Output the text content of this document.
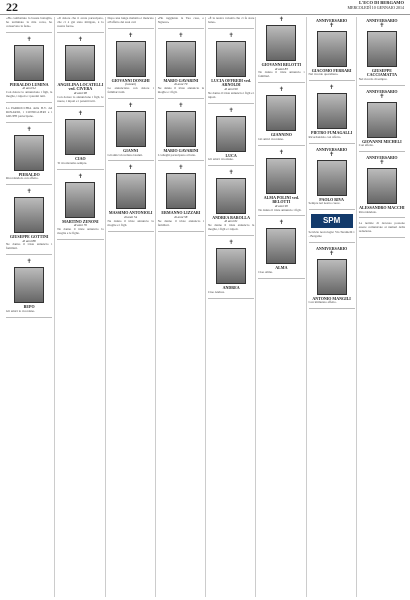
22	L'ECO DI BERGAMO
MERCOLEDÌ 10 GENNAIO 2014
«Ho combattuto la buona battaglia, ho terminato la mia corsa, ho conservato la fede»
✝
PIERALDO LUMINA
di anni 94
Con dolore lo annunciano i figli, la moglie, i nipoti e i parenti tutti.
La PARROCCHIA della B.V. del ROSARIO, i CONSIGLIERI e i GRUPPI partecipano.
✝
PIERALDO
Ricordandolo con affetto.
✝
GIUSEPPE GOTTINI
di anni 88
Ne danno il triste annuncio i familiari.
✝
BEPO
Gli amici lo ricordano.
«Il dolore che ti avete partecipato, che ci è già stato mitigato, è la nostra forza»
✝
ANGELINA LOCATELLI ved. CIVERA
di anni 98
Con dolore lo annunciano i figli, le nuore, i nipoti e i parenti tutti.
✝
CIAO
Ti ricorderemo sempre.
✝
MARTINO ZENONI
di anni 76
Ne danno il triste annuncio la moglie e le figlie.
Dopo una lunga malattia è mancato all'affetto dei suoi cari
✝
GIOVANNI DONGHI
(Gianni)
Lo annunciano con dolore i familiari tutti.
✝
GIANNI
Gli amici ricordano Gianni.
✝
MASSIMO ANTONIOLI
di anni 54
Ne danno il triste annuncio la moglie e i figli.
«Ho raggiunto la Tua casa, o Signore»
✝
MARIO GAVARINI
di anni 79
Ne danno il triste annuncio la moglie e i figli.
✝
MARIO GAVARINI
I colleghi partecipano al lutto.
✝
ERMANNO LIZZARI
di anni 58
Ne danno il triste annuncio i familiari.
«È la nostra volontà che ci fa stare bene»
✝
LUCIA OFFREDI ved. ARNOLDI
di anni 90
Ne danno il triste annuncio i figli e i nipoti.
✝
LUCA
Gli amici ricordano.
✝
ANDREA BAROLLA
di anni 61
Ne danno il triste annuncio la moglie, i figli e i nipoti.
✝
ANDREA
Ciao Andrea.
✝
GIOVANNI BELOTTI
di anni 83
Ne danno il triste annuncio i familiari.
✝
GIANNINO
Gli amici ricordano.
✝
ALMA POLINI ved. BELOTTI
di anni 90
Ne danno il triste annuncio i figli.
✝
ALMA
Ciao Alma.
ANNIVERSARIO
✝
GIACOMO FERRARI
Nel ricordo quotidiano.
✝
PIETRO FUMAGALLI
Ricordandolo con affetto.
ANNIVERSARIO
✝
PAOLO RIVA
Sempre nel nostro cuore.
SPM
Servizio necrologie: Via Taramelli 1 - Bergamo
ANNIVERSARIO
✝
ANTONIO MANGILI
Con immutato affetto.
ANNIVERSARIO
✝
GIUSEPPE CACCIAMATTA
Nel ricordo di sempre.
ANNIVERSARIO
✝
GIOVANNI MICHELI
Con affetto.
ANNIVERSARIO
✝
ALESSANDRO MACCHI
Ricordandolo.
Le notizie di decesso possono essere comunicate ai numeri della redazione.
